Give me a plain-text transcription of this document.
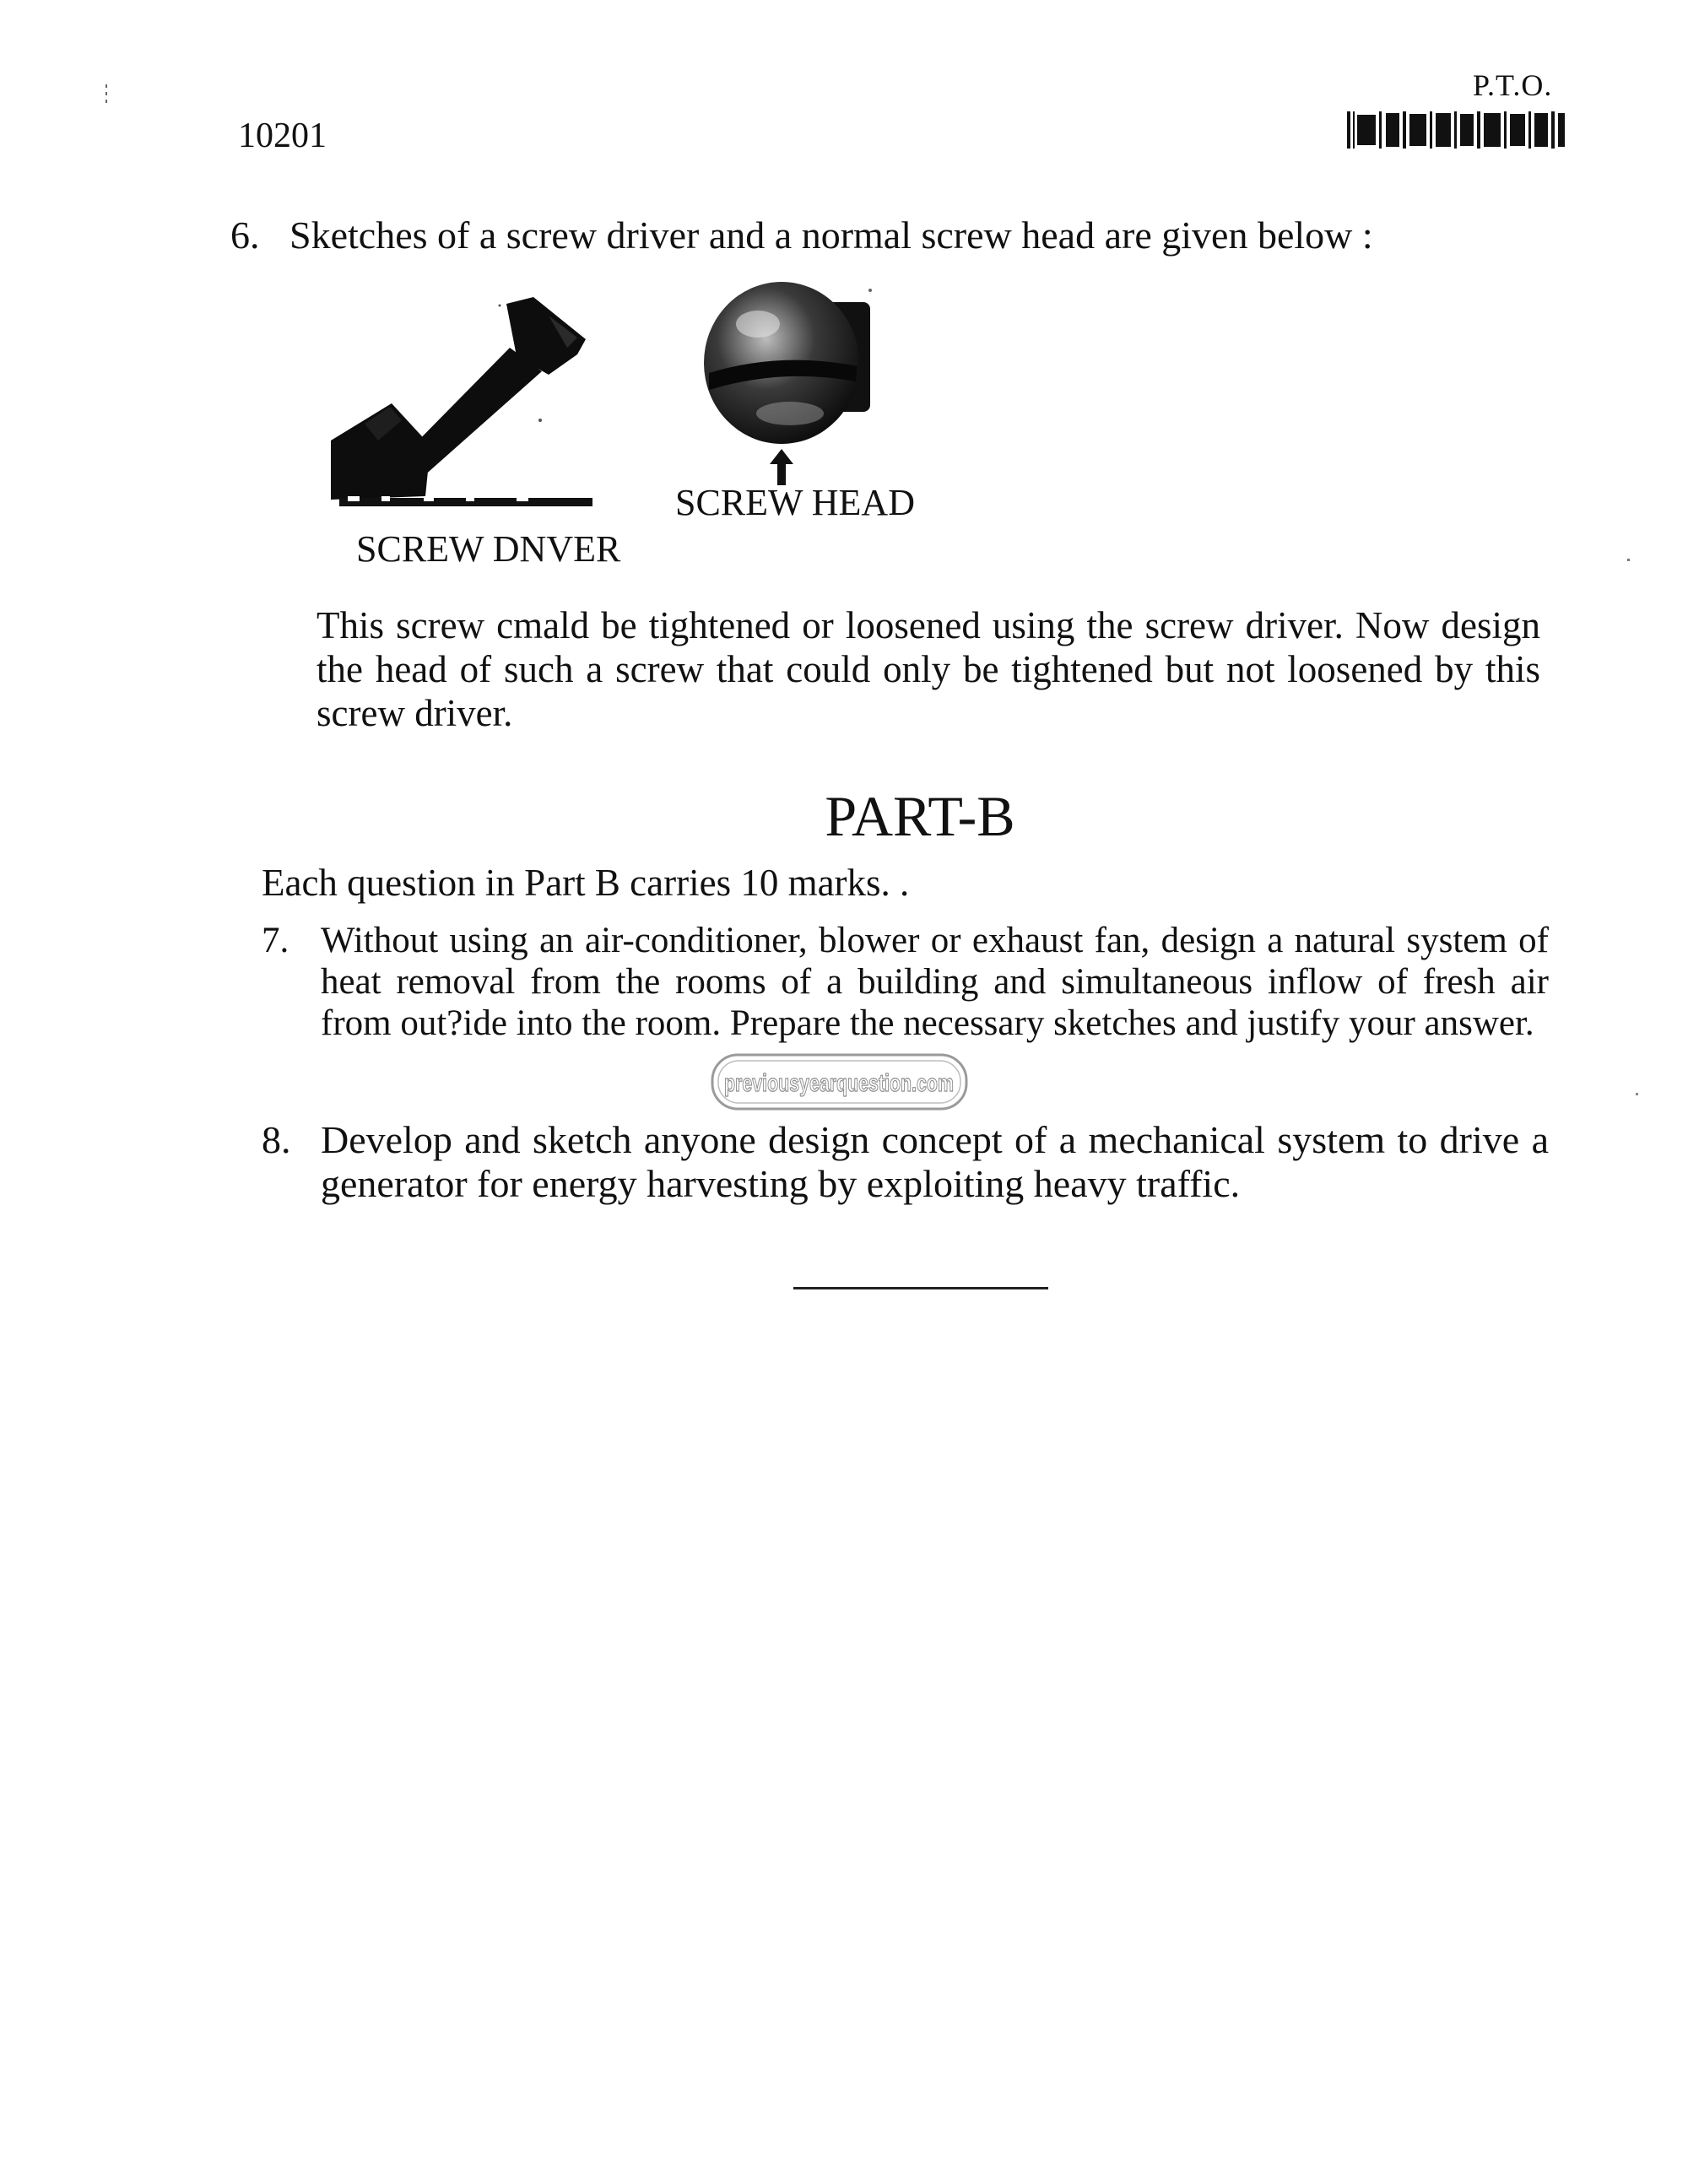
P.T.O.
10201
6. Sketches of a screw driver and a normal screw head are given below :
SCREW HEAD
SCREW DNVER
This screw cmald be tightened or loosened using the screw driver. Now design the head of such a screw that could only be tightened but not loosened by this screw driver.
PART-B
Each question in Part B carries 10 marks. .
7. Without using an air-conditioner, blower or exhaust fan, design a natural system of heat removal from the rooms of a building and simultaneous inflow of fresh air from out?ide into the room. Prepare the necessary sketches and justify your answer.
previousyearquestion.com
8. Develop and sketch anyone design concept of a mechanical system to drive a generator for energy harvesting by exploiting heavy traffic.
